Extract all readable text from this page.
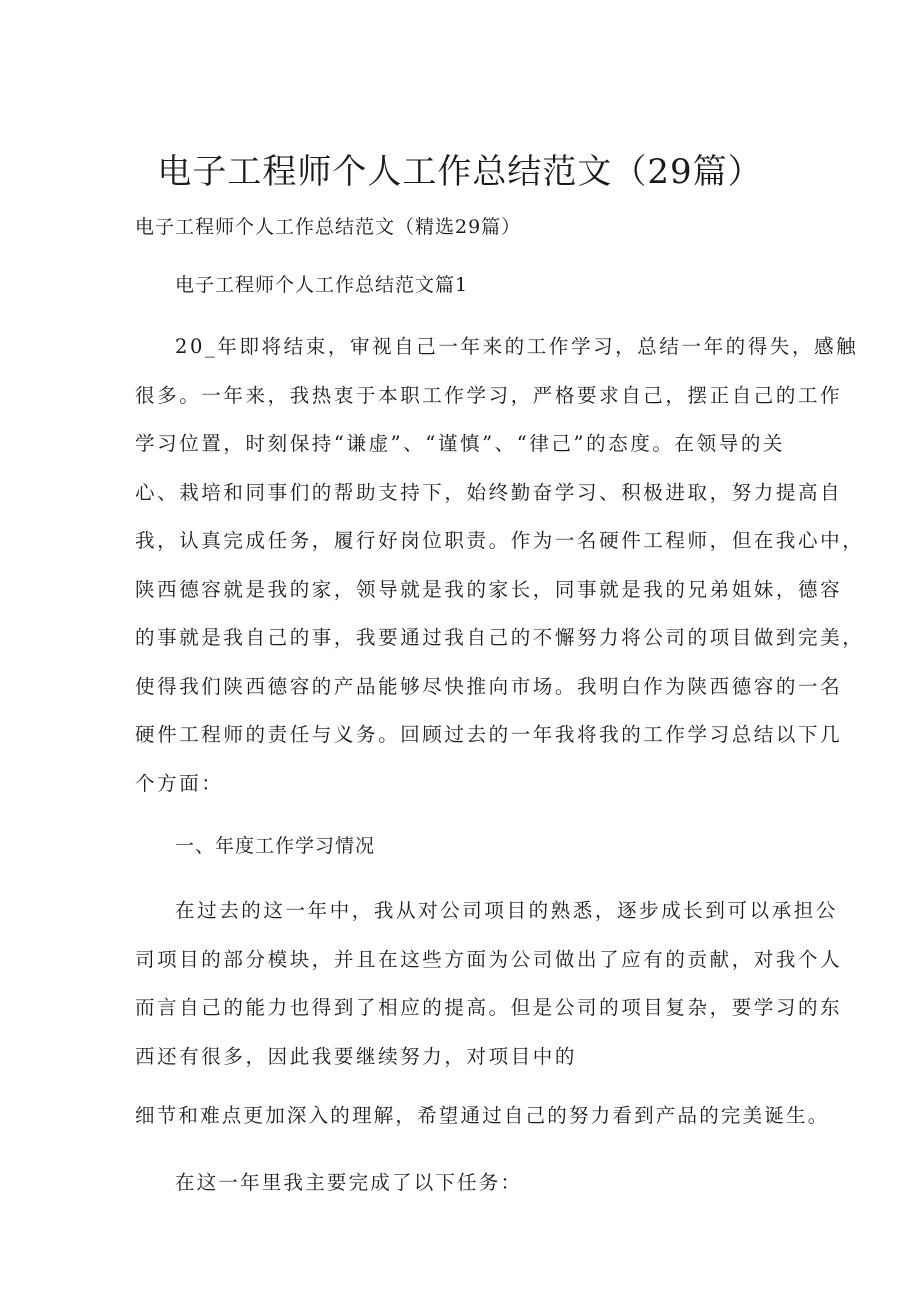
电子工程师个人工作总结范文（29篇）

电子工程师个人工作总结范文（精选29篇）

电子工程师个人工作总结范文篇1

20_年即将结束，审视自己一年来的工作学习，总结一年的得失，感触
很多。一年来，我热衷于本职工作学习，严格要求自己，摆正自己的工作
学习位置，时刻保持“谦虚”、“谨慎”、“律己”的态度。在领导的关
心、栽培和同事们的帮助支持下，始终勤奋学习、积极进取，努力提高自
我，认真完成任务，履行好岗位职责。作为一名硬件工程师，但在我心中，
陕西德容就是我的家，领导就是我的家长，同事就是我的兄弟姐妹，德容
的事就是我自己的事，我要通过我自己的不懈努力将公司的项目做到完美，
使得我们陕西德容的产品能够尽快推向市场。我明白作为陕西德容的一名
硬件工程师的责任与义务。回顾过去的一年我将我的工作学习总结以下几
个方面：

一、年度工作学习情况

在过去的这一年中，我从对公司项目的熟悉，逐步成长到可以承担公
司项目的部分模块，并且在这些方面为公司做出了应有的贡献，对我个人
而言自己的能力也得到了相应的提高。但是公司的项目复杂，要学习的东
西还有很多，因此我要继续努力，对项目中的

细节和难点更加深入的理解，希望通过自己的努力看到产品的完美诞生。

在这一年里我主要完成了以下任务：
